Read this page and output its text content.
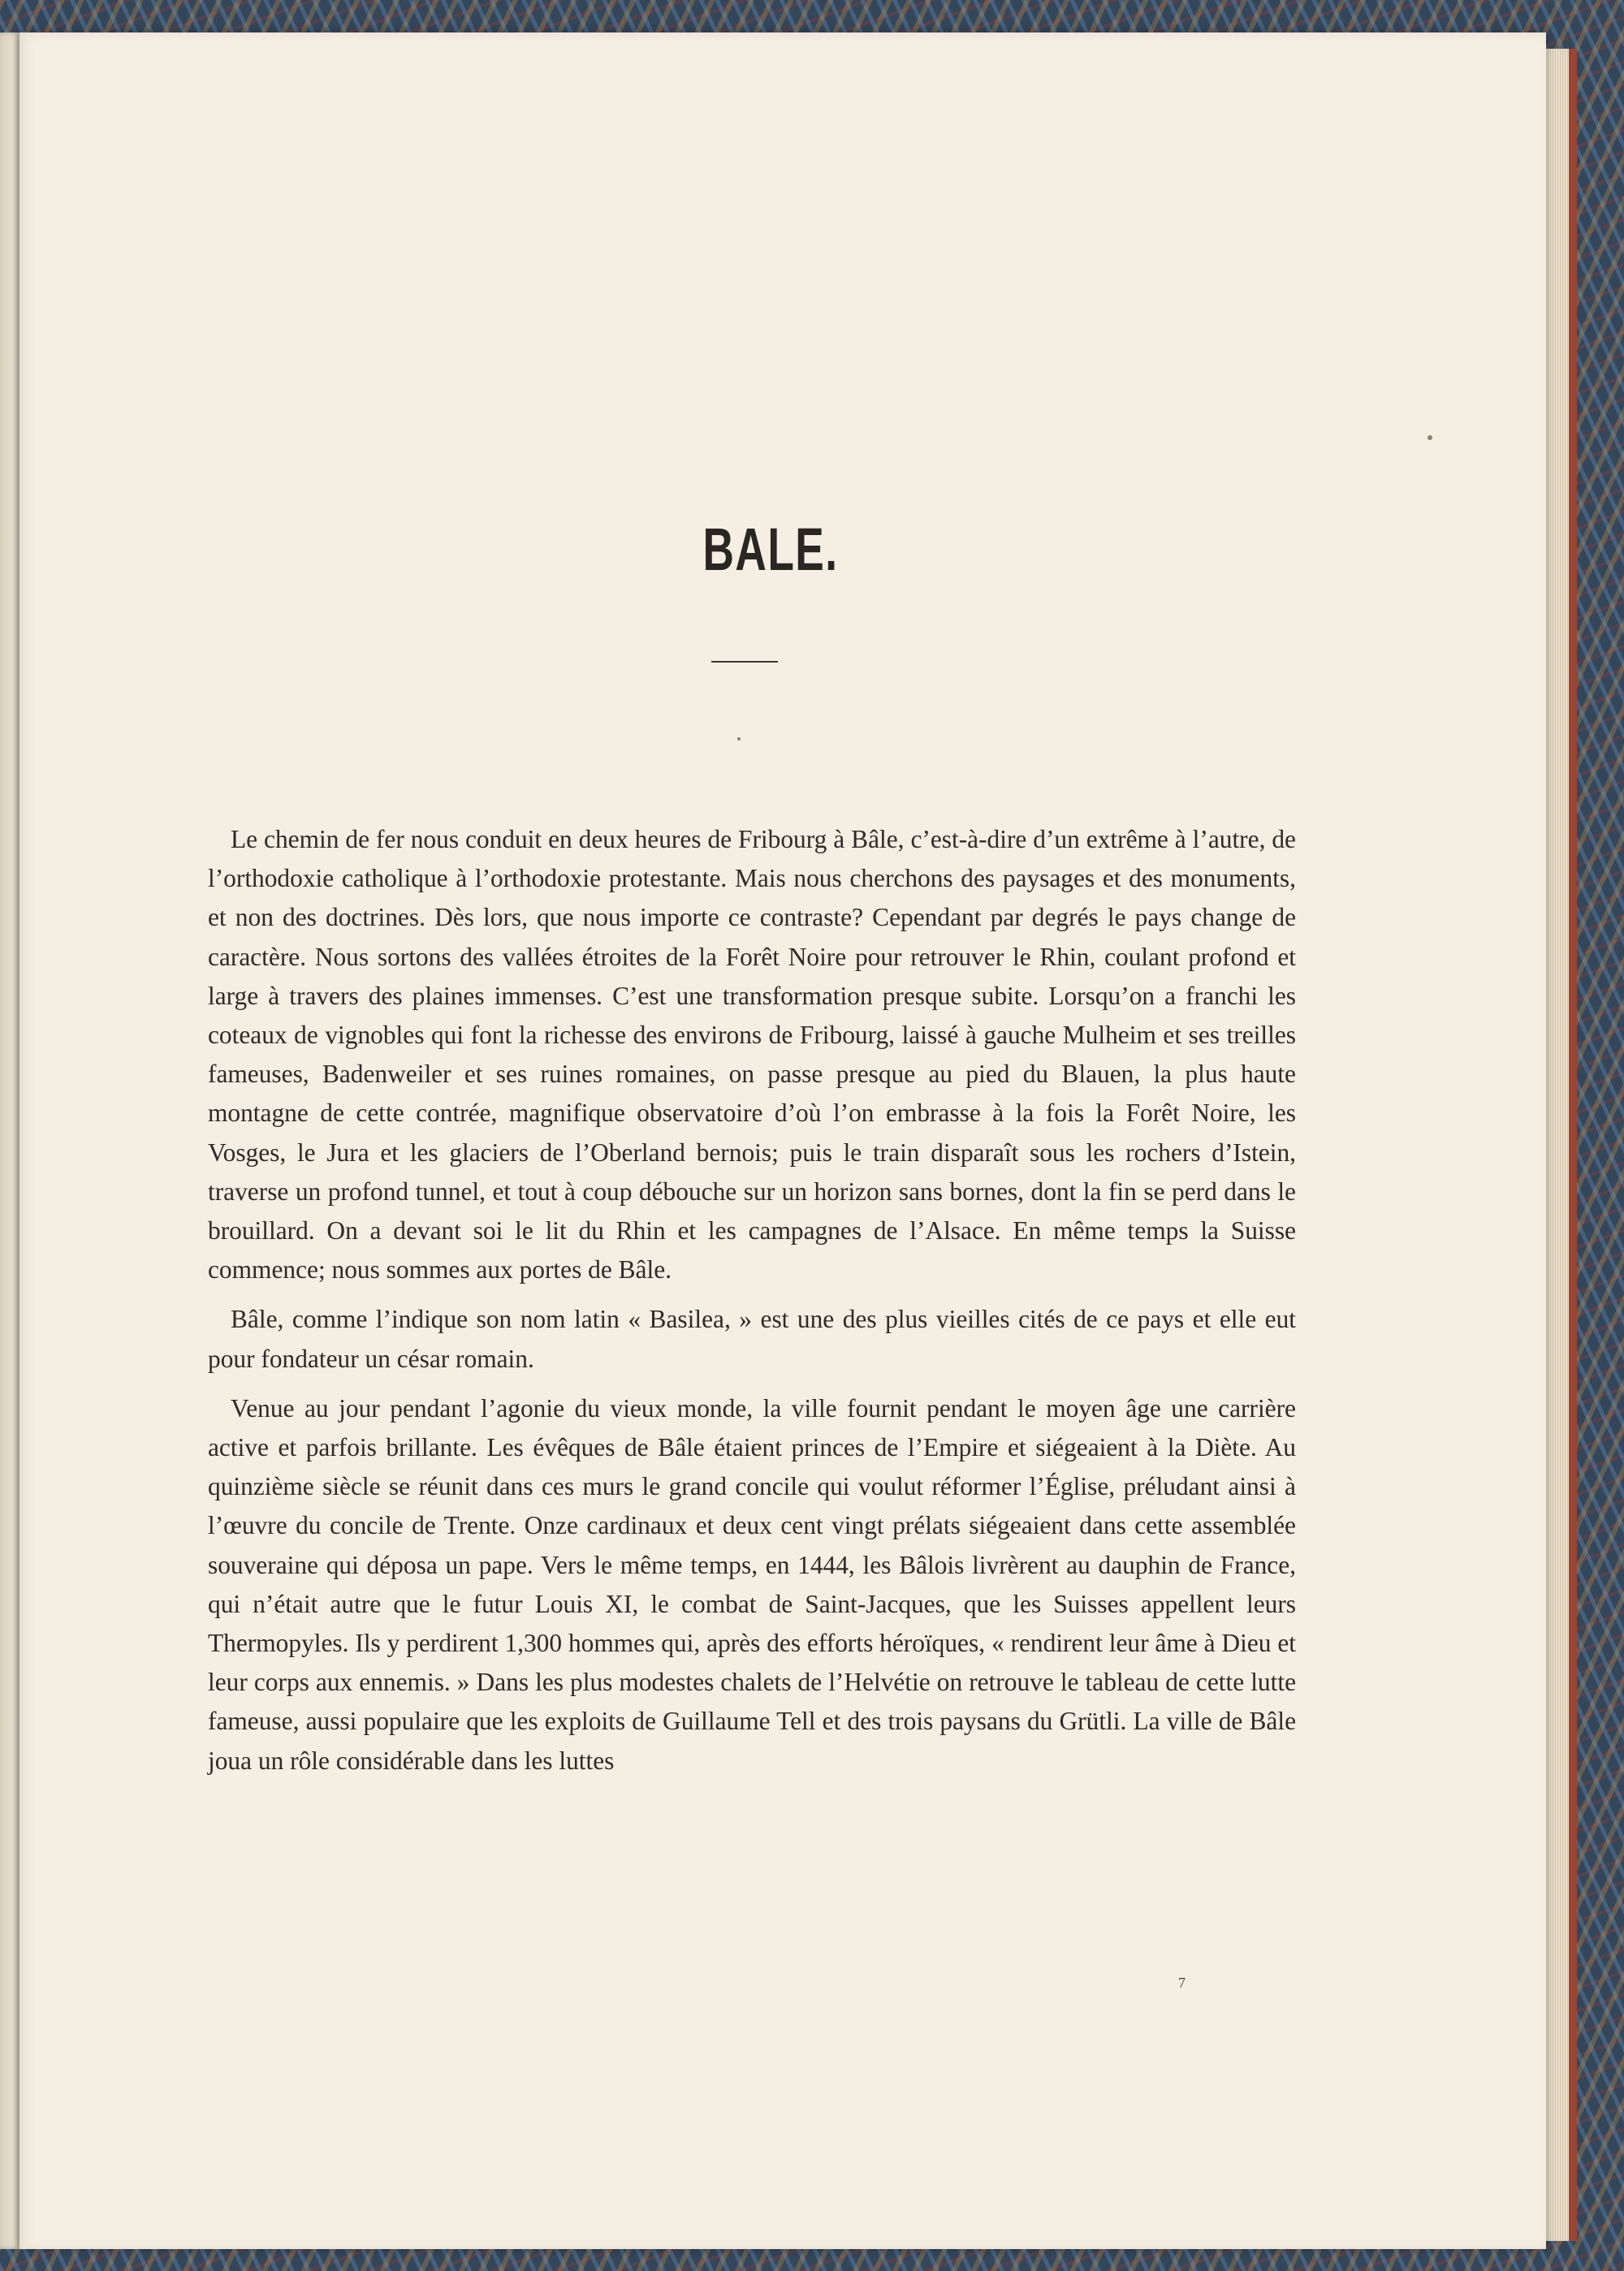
BALE.

Le chemin de fer nous conduit en deux heures de Fribourg à Bâle, c’est-à-dire d’un extrême à l’autre, de l’orthodoxie catholique à l’orthodoxie protestante. Mais nous cherchons des paysages et des monuments, et non des doctrines. Dès lors, que nous importe ce contraste? Cependant par degrés le pays change de caractère. Nous sortons des vallées étroites de la Forêt Noire pour retrouver le Rhin, coulant profond et large à travers des plaines immenses. C’est une transformation presque subite. Lorsqu’on a franchi les coteaux de vignobles qui font la richesse des environs de Fribourg, laissé à gauche Mulheim et ses treilles fameuses, Badenweiler et ses ruines romaines, on passe presque au pied du Blauen, la plus haute montagne de cette contrée, magnifique observatoire d’où l’on embrasse à la fois la Forêt Noire, les Vosges, le Jura et les glaciers de l’Oberland bernois; puis le train disparaît sous les rochers d’Istein, traverse un profond tunnel, et tout à coup débouche sur un horizon sans bornes, dont la fin se perd dans le brouillard. On a devant soi le lit du Rhin et les campagnes de l’Alsace. En même temps la Suisse commence; nous sommes aux portes de Bâle.

Bâle, comme l’indique son nom latin « Basilea, » est une des plus vieilles cités de ce pays et elle eut pour fondateur un césar romain.

Venue au jour pendant l’agonie du vieux monde, la ville fournit pendant le moyen âge une carrière active et parfois brillante. Les évêques de Bâle étaient princes de l’Empire et siégeaient à la Diète. Au quinzième siècle se réunit dans ces murs le grand concile qui voulut réformer l’Église, préludant ainsi à l’œuvre du concile de Trente. Onze cardinaux et deux cent vingt prélats siégeaient dans cette assemblée souveraine qui déposa un pape. Vers le même temps, en 1444, les Bâlois livrèrent au dauphin de France, qui n’était autre que le futur Louis XI, le combat de Saint-Jacques, que les Suisses appellent leurs Thermopyles. Ils y perdirent 1,300 hommes qui, après des efforts héroïques, « rendirent leur âme à Dieu et leur corps aux ennemis. » Dans les plus modestes chalets de l’Helvétie on retrouve le tableau de cette lutte fameuse, aussi populaire que les exploits de Guillaume Tell et des trois paysans du Grütli. La ville de Bâle joua un rôle considérable dans les luttes

7
